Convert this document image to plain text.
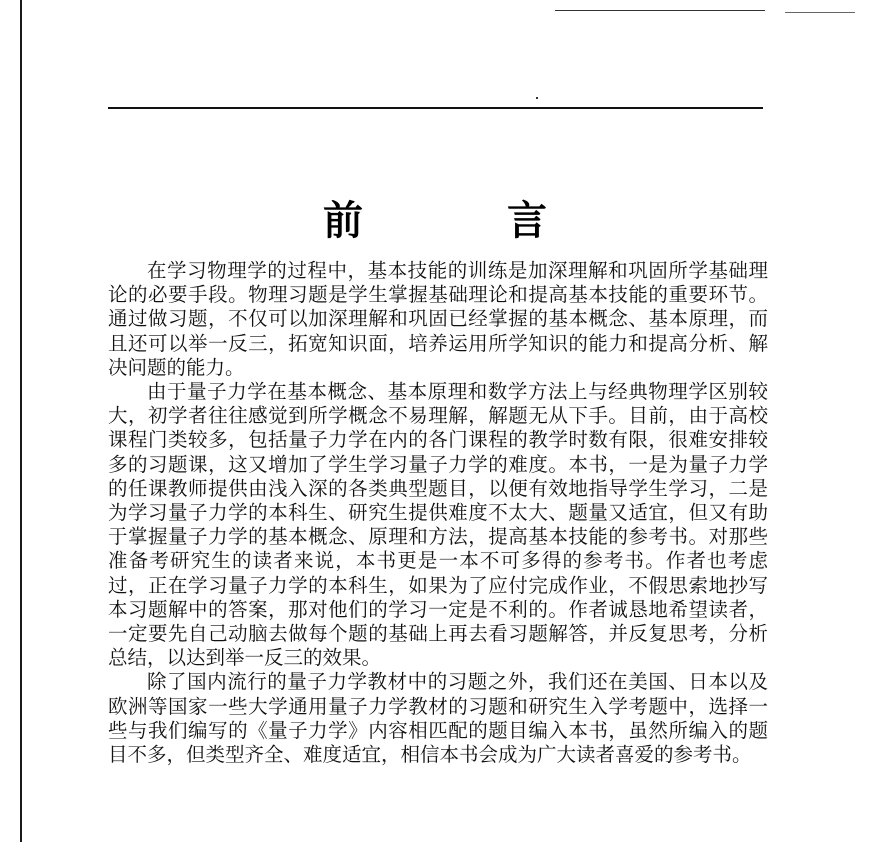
前　言

在学习物理学的过程中，基本技能的训练是加深理解和巩固所学基础理论的必要手段。物理习题是学生掌握基础理论和提高基本技能的重要环节。通过做习题，不仅可以加深理解和巩固已经掌握的基本概念、基本原理，而且还可以举一反三，拓宽知识面，培养运用所学知识的能力和提高分析、解决问题的能力。

由于量子力学在基本概念、基本原理和数学方法上与经典物理学区别较大，初学者往往感觉到所学概念不易理解，解题无从下手。目前，由于高校课程门类较多，包括量子力学在内的各门课程的教学时数有限，很难安排较多的习题课，这又增加了学生学习量子力学的难度。本书，一是为量子力学的任课教师提供由浅入深的各类典型题目，以便有效地指导学生学习，二是为学习量子力学的本科生、研究生提供难度不太大、题量又适宜，但又有助于掌握量子力学的基本概念、原理和方法，提高基本技能的参考书。对那些准备考研究生的读者来说，本书更是一本不可多得的参考书。作者也考虑过，正在学习量子力学的本科生，如果为了应付完成作业，不假思索地抄写本习题解中的答案，那对他们的学习一定是不利的。作者诚恳地希望读者，一定要先自己动脑去做每个题的基础上再去看习题解答，并反复思考，分析总结，以达到举一反三的效果。

除了国内流行的量子力学教材中的习题之外，我们还在美国、日本以及欧洲等国家一些大学通用量子力学教材的习题和研究生入学考题中，选择一些与我们编写的《量子力学》内容相匹配的题目编入本书，虽然所编入的题目不多，但类型齐全、难度适宜，相信本书会成为广大读者喜爱的参考书。
